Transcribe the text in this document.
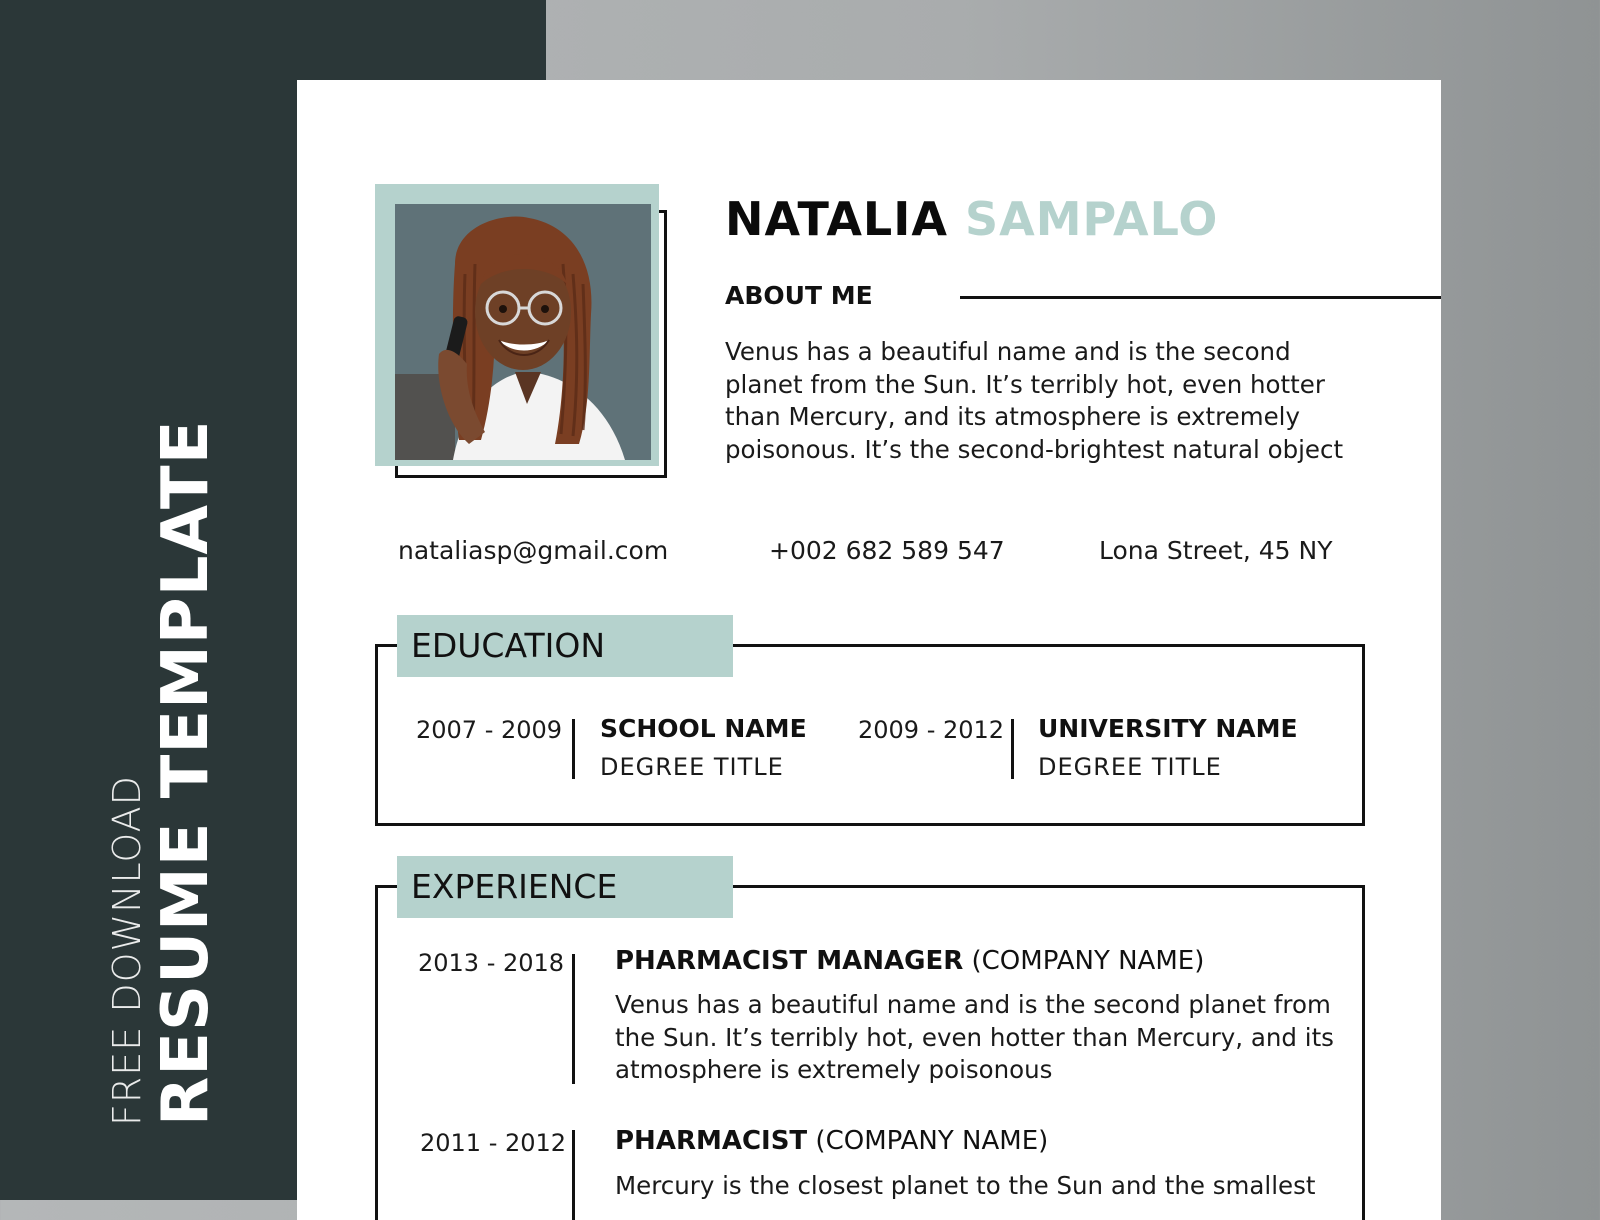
FREE DOWNLOAD RESUME TEMPLATE
NATALIA SAMPALO
ABOUT ME
Venus has a beautiful name and is the second planet from the Sun. It’s terribly hot, even hotter than Mercury, and its atmosphere is extremely poisonous. It’s the second-brightest natural object
nataliasp@gmail.com	+002 682 589 547	Lona Street, 45 NY
EDUCATION
2007 - 2009 SCHOOL NAME
DEGREE TITLE
2009 - 2012 UNIVERSITY NAME
DEGREE TITLE
EXPERIENCE
2013 - 2018 PHARMACIST MANAGER (COMPANY NAME)
Venus has a beautiful name and is the second planet from the Sun. It’s terribly hot, even hotter than Mercury, and its atmosphere is extremely poisonous
2011 - 2012 PHARMACIST (COMPANY NAME)
Mercury is the closest planet to the Sun and the smallest
